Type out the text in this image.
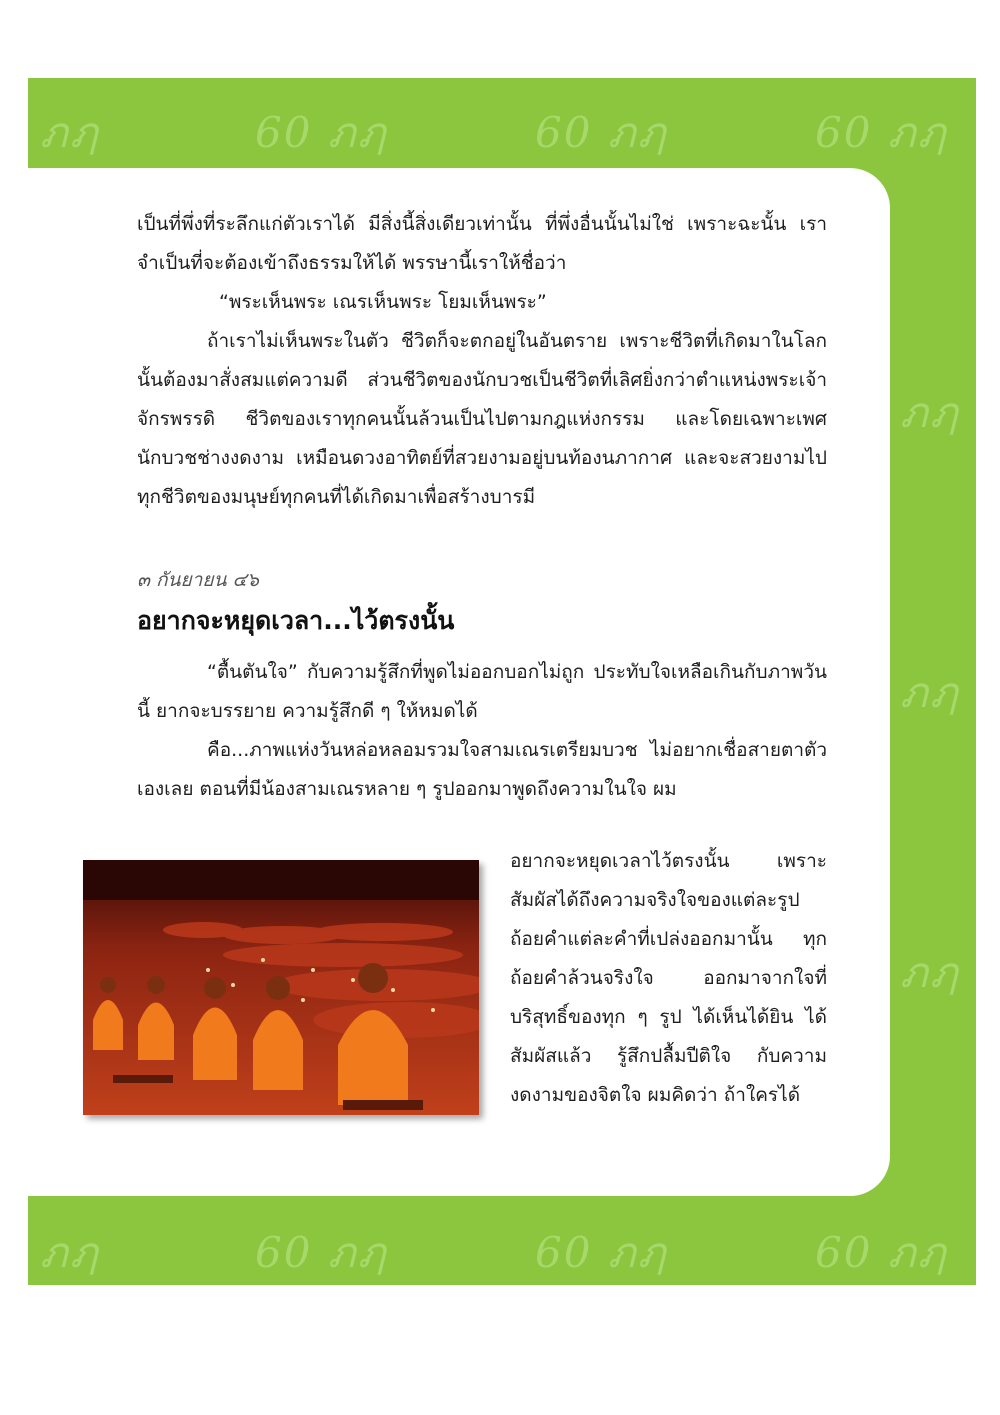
ภฦ	60 ภฦ	60 ภฦ	60 ภฦ
ภฦ
ภฦ
ภฦ
ภฦ	60 ภฦ	60 ภฦ	60 ภฦ

เป็นที่พึ่งที่ระลึกแก่ตัวเราได้ มีสิ่งนี้สิ่งเดียวเท่านั้น ที่พึ่งอื่นนั้นไม่ใช่ เพราะฉะนั้น เราจำเป็นที่จะต้องเข้าถึงธรรมให้ได้ พรรษานี้เราให้ชื่อว่า

“พระเห็นพระ เณรเห็นพระ โยมเห็นพระ”

ถ้าเราไม่เห็นพระในตัว ชีวิตก็จะตกอยู่ในอันตราย เพราะชีวิตที่เกิดมาในโลกนั้นต้องมาสั่งสมแต่ความดี ส่วนชีวิตของนักบวชเป็นชีวิตที่เลิศยิ่งกว่าตำแหน่งพระเจ้าจักรพรรดิ ชีวิตของเราทุกคนนั้นล้วนเป็นไปตามกฎแห่งกรรม และโดยเฉพาะเพศนักบวชช่างงดงาม เหมือนดวงอาทิตย์ที่สวยงามอยู่บนท้องนภากาศ และจะสวยงามไปทุกชีวิตของมนุษย์ทุกคนที่ได้เกิดมาเพื่อสร้างบารมี

๓ กันยายน ๔๖

อยากจะหยุดเวลา...ไว้ตรงนั้น

“ตื้นตันใจ” กับความรู้สึกที่พูดไม่ออกบอกไม่ถูก ประทับใจเหลือเกินกับภาพวันนี้ ยากจะบรรยาย ความรู้สึกดี ๆ ให้หมดได้

คือ...ภาพแห่งวันหล่อหลอมรวมใจสามเณรเตรียมบวช ไม่อยากเชื่อสายตาตัวเองเลย ตอนที่มีน้องสามเณรหลาย ๆ รูปออกมาพูดถึงความในใจ ผม

อยากจะหยุดเวลาไว้ตรงนั้น เพราะสัมผัสได้ถึงความจริงใจของแต่ละรูป ถ้อยคำแต่ละคำที่เปล่งออกมานั้น ทุกถ้อยคำล้วนจริงใจ ออกมาจากใจที่บริสุทธิ์ของทุก ๆ รูป ได้เห็นได้ยิน ได้สัมผัสแล้ว รู้สึกปลื้มปีติใจ กับความงดงามของจิตใจ ผมคิดว่า ถ้าใครได้
